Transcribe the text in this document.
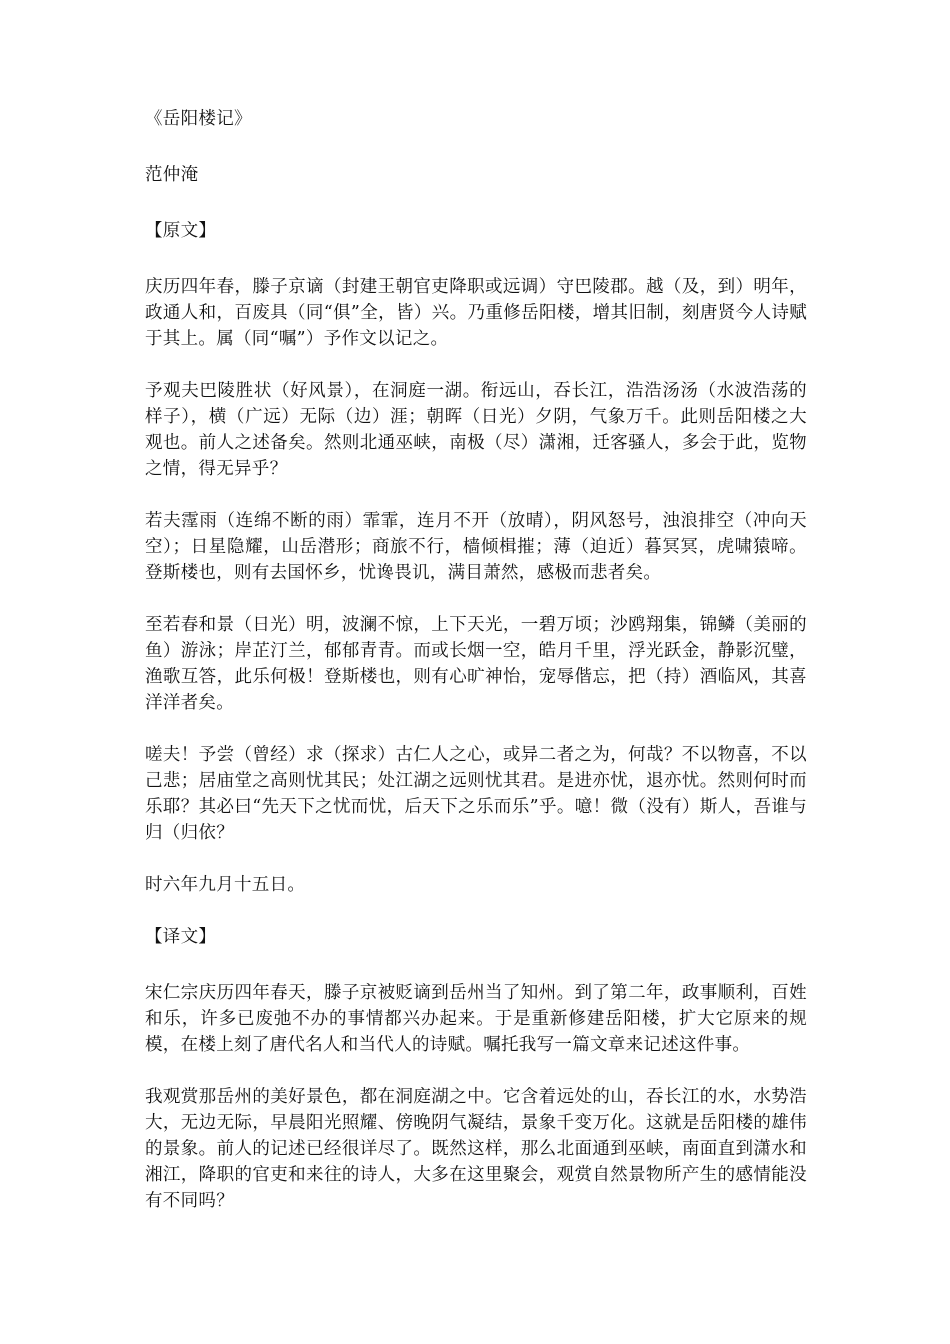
《岳阳楼记》
范仲淹
【原文】
庆历四年春，滕子京谪（封建王朝官吏降职或远调）守巴陵郡。越（及，到）明年，政通人和，百废具（同“俱”全，皆）兴。乃重修岳阳楼，增其旧制，刻唐贤今人诗赋于其上。属（同“嘱”）予作文以记之。
予观夫巴陵胜状（好风景），在洞庭一湖。衔远山，吞长江，浩浩汤汤（水波浩荡的样子），横（广远）无际（边）涯；朝晖（日光）夕阴，气象万千。此则岳阳楼之大观也。前人之述备矣。然则北通巫峡，南极（尽）潇湘，迁客骚人，多会于此，览物之情，得无异乎？
若夫霪雨（连绵不断的雨）霏霏，连月不开（放晴），阴风怒号，浊浪排空（冲向天空）；日星隐耀，山岳潜形；商旅不行，樯倾楫摧；薄（迫近）暮冥冥，虎啸猿啼。登斯楼也，则有去国怀乡，忧谗畏讥，满目萧然，感极而悲者矣。
至若春和景（日光）明，波澜不惊，上下天光，一碧万顷；沙鸥翔集，锦鳞（美丽的鱼）游泳；岸芷汀兰，郁郁青青。而或长烟一空，皓月千里，浮光跃金，静影沉璧，渔歌互答，此乐何极！登斯楼也，则有心旷神怡，宠辱偕忘，把（持）酒临风，其喜洋洋者矣。
嗟夫！予尝（曾经）求（探求）古仁人之心，或异二者之为，何哉？不以物喜，不以己悲；居庙堂之高则忧其民；处江湖之远则忧其君。是进亦忧，退亦忧。然则何时而乐耶？其必曰“先天下之忧而忧，后天下之乐而乐”乎。噫！微（没有）斯人，吾谁与归（归依？
时六年九月十五日。
【译文】
宋仁宗庆历四年春天，滕子京被贬谪到岳州当了知州。到了第二年，政事顺利，百姓和乐，许多已废弛不办的事情都兴办起来。于是重新修建岳阳楼，扩大它原来的规模，在楼上刻了唐代名人和当代人的诗赋。嘱托我写一篇文章来记述这件事。
我观赏那岳州的美好景色，都在洞庭湖之中。它含着远处的山，吞长江的水，水势浩大，无边无际，早晨阳光照耀、傍晚阴气凝结，景象千变万化。这就是岳阳楼的雄伟的景象。前人的记述已经很详尽了。既然这样，那么北面通到巫峡，南面直到潇水和湘江，降职的官吏和来往的诗人，大多在这里聚会，观赏自然景物所产生的感情能没有不同吗？
